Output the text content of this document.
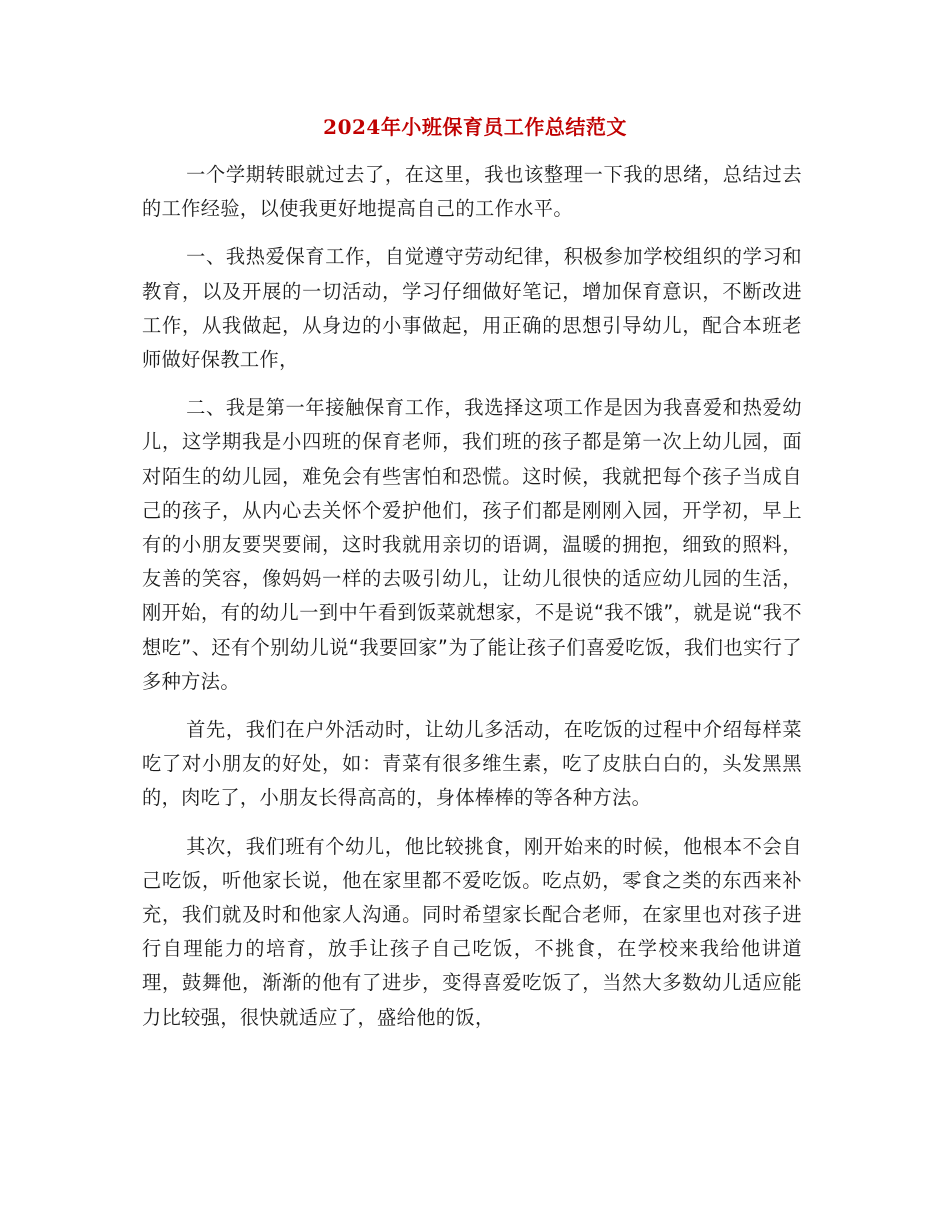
2024年小班保育员工作总结范文

一个学期转眼就过去了，在这里，我也该整理一下我的思绪，总结过去的工作经验，以使我更好地提高自己的工作水平。

一、我热爱保育工作，自觉遵守劳动纪律，积极参加学校组织的学习和教育，以及开展的一切活动，学习仔细做好笔记，增加保育意识，不断改进工作，从我做起，从身边的小事做起，用正确的思想引导幼儿，配合本班老师做好保教工作，

二、我是第一年接触保育工作，我选择这项工作是因为我喜爱和热爱幼儿，这学期我是小四班的保育老师，我们班的孩子都是第一次上幼儿园，面对陌生的幼儿园，难免会有些害怕和恐慌。这时候，我就把每个孩子当成自己的孩子，从内心去关怀个爱护他们，孩子们都是刚刚入园，开学初，早上有的小朋友要哭要闹，这时我就用亲切的语调，温暖的拥抱，细致的照料，友善的笑容，像妈妈一样的去吸引幼儿，让幼儿很快的适应幼儿园的生活，刚开始，有的幼儿一到中午看到饭菜就想家，不是说“我不饿”，就是说“我不想吃”、还有个别幼儿说“我要回家”为了能让孩子们喜爱吃饭，我们也实行了多种方法。

首先，我们在户外活动时，让幼儿多活动，在吃饭的过程中介绍每样菜吃了对小朋友的好处，如：青菜有很多维生素，吃了皮肤白白的，头发黑黑的，肉吃了，小朋友长得高高的，身体棒棒的等各种方法。

其次，我们班有个幼儿，他比较挑食，刚开始来的时候，他根本不会自己吃饭，听他家长说，他在家里都不爱吃饭。吃点奶，零食之类的东西来补充，我们就及时和他家人沟通。同时希望家长配合老师，在家里也对孩子进行自理能力的培育，放手让孩子自己吃饭，不挑食，在学校来我给他讲道理，鼓舞他，渐渐的他有了进步，变得喜爱吃饭了，当然大多数幼儿适应能力比较强，很快就适应了，盛给他的饭，
